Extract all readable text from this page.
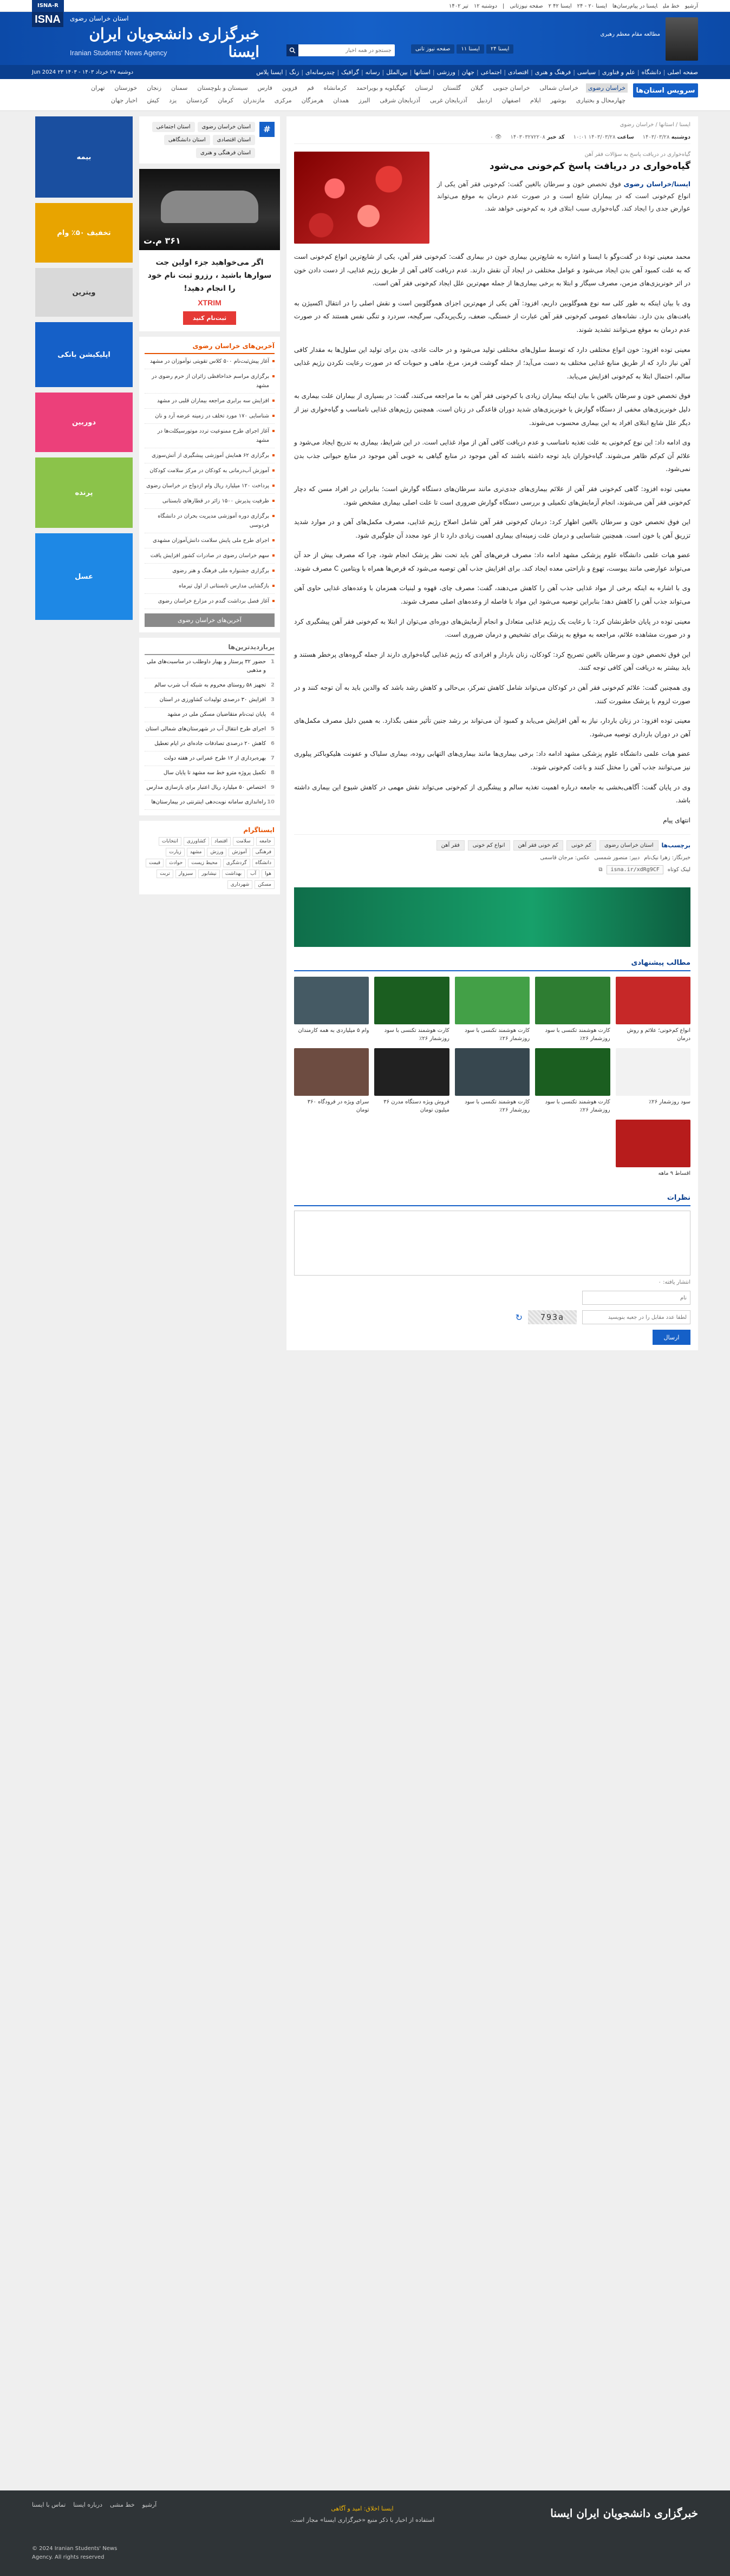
آرشیوخط ملیایسنا در پیام‌رسان‌هاایسنا ۲۰ - ۲۴ایسنا ۴۲ ۲صفحه نیوز‌تانی|دوشنبه ۱۲تیر ۱۴۰۲
ISNA-R
مطالعه مقام معظم رهبری
ایسنا ۲۴
ایسنا ۱۱
صفحه نیوز تانی
جستجو در همه اخبار
ISNA	استان خراسان رضوی
خبرگزاری دانشجویان ایران ایسنا
Iranian Students' News Agency
صفحه اصلی|دانشگاه|علم و فناوری|سیاسی|فرهنگ و هنری|اقتصادی|اجتماعی|جهان|ورزشی|استانها|بین‌الملل|رسانه|گرافیک|چندرسانه‌ای|زنگ|ایسنا پلاس
دوشنبه ۲۷ خرداد ۱۴۰۳ - ۱۴۰۳ ۲۳ Jun 2024
سرویس استان‌ها
خراسان رضوی
خراسان شمالی
خراسان جنوبی
گیلان
گلستان
لرستان
کهگیلویه و بویراحمد
کرمانشاه
قم
قزوین
فارس
سیستان و بلوچستان
سمنان
زنجان
خوزستان
تهران
چهارمحال و بختیاری
بوشهر
ایلام
اصفهان
اردبیل
آذربایجان غربی
آذربایجان شرقی
البرز
همدان
هرمزگان
مرکزی
مازندران
کرمان
کردستان
یزد
کیش
اخبار جهان
ایسنا / استانها / خراسان رضوی
دوشنبه ۱۴۰۳/۰۳/۲۸
ساعت ۱۴۰۳/۰۳/۲۸ ۱۰:۰۱
کد خبر ۱۴۰۳۰۳۲۷۲۲۰۸
👁 ۰
گیاه‌خواری در دریافت پاسخ به سؤالات فقر آهن
گیاه‌خواری در دریافت پاسخ کم‌خونی می‌شود

ایسنا/خراسان رضوی فوق تخصص خون و سرطان بالغین گفت: کم‌خونی فقر آهن یکی از انواع کم‌خونی است که در بیماران شایع است و در صورت عدم درمان به موقع می‌تواند عوارض جدی را ایجاد کند. گیاه‌خواری سبب ابتلای فرد به کم‌خونی خواهد شد.

محمد معینی تودهٔ در گفت‌وگو با ایسنا و اشاره به شایع‌ترین بیماری خون در بیماری گفت: کم‌خونی فقر آهن، یکی از شایع‌ترین انواع کم‌خونی است که به علت کمبود آهن بدن ایجاد می‌شود و عوامل مختلفی در ایجاد آن نقش دارند. عدم دریافت کافی آهن از طریق رژیم غذایی، از دست دادن خون در اثر خونریزی‌های مزمن، مصرف سیگار و ابتلا به برخی بیماری‌ها از جمله مهم‌ترین علل ایجاد کم‌خونی فقر آهن است.

وی با بیان اینکه به طور کلی سه نوع هموگلوبین داریم، افزود: آهن یکی از مهم‌ترین اجزای هموگلوبین است و نقش اصلی را در انتقال اکسیژن به بافت‌های بدن دارد. نشانه‌های عمومی کم‌خونی فقر آهن عبارت از خستگی، ضعف، رنگ‌پریدگی، سرگیجه، سردرد و تنگی نفس هستند که در صورت عدم درمان به موقع می‌توانند تشدید شوند.

معینی توده افزود: خون انواع مختلفی دارد که توسط سلول‌های مختلفی تولید می‌شود و در حالت عادی، بدن برای تولید این سلول‌ها به مقدار کافی آهن نیاز دارد که از طریق منابع غذایی مختلف به دست می‌آید؛ از جمله گوشت قرمز، مرغ، ماهی و حبوبات که در صورت رعایت نکردن رژیم غذایی سالم، احتمال ابتلا به کم‌خونی افزایش می‌یابد.

فوق تخصص خون و سرطان بالغین با بیان اینکه بیماران زیادی با کم‌خونی فقر آهن به ما مراجعه می‌کنند، گفت: در بسیاری از بیماران علت بیماری به دلیل خونریزی‌های مخفی از دستگاه گوارش یا خونریزی‌های شدید دوران قاعدگی در زنان است. همچنین رژیم‌های غذایی نامناسب و گیاه‌خواری نیز از دیگر علل شایع ابتلای افراد به این بیماری محسوب می‌شوند.

وی ادامه داد: این نوع کم‌خونی به علت تغذیه نامناسب و عدم دریافت کافی آهن از مواد غذایی است. در این شرایط، بیماری به تدریج ایجاد می‌شود و علائم آن کم‌کم ظاهر می‌شوند. گیاه‌خواران باید توجه داشته باشند که آهن موجود در منابع گیاهی به خوبی آهن موجود در منابع حیوانی جذب بدن نمی‌شود.

معینی توده افزود: گاهی کم‌خونی فقر آهن از علائم بیماری‌های جدی‌تری مانند سرطان‌های دستگاه گوارش است؛ بنابراین در افراد مسن که دچار کم‌خونی فقر آهن می‌شوند، انجام آزمایش‌های تکمیلی و بررسی دستگاه گوارش ضروری است تا علت اصلی بیماری مشخص شود.

این فوق تخصص خون و سرطان بالغین اظهار کرد: درمان کم‌خونی فقر آهن شامل اصلاح رژیم غذایی، مصرف مکمل‌های آهن و در موارد شدید تزریق آهن یا خون است. همچنین شناسایی و درمان علت زمینه‌ای بیماری اهمیت زیادی دارد تا از عود مجدد آن جلوگیری شود.

عضو هیات علمی دانشگاه علوم پزشکی مشهد ادامه داد: مصرف قرص‌های آهن باید تحت نظر پزشک انجام شود، چرا که مصرف بیش از حد آن می‌تواند عوارضی مانند یبوست، تهوع و ناراحتی معده ایجاد کند. برای افزایش جذب آهن توصیه می‌شود که قرص‌ها همراه با ویتامین C مصرف شوند.

وی با اشاره به اینکه برخی از مواد غذایی جذب آهن را کاهش می‌دهند، گفت: مصرف چای، قهوه و لبنیات همزمان با وعده‌های غذایی حاوی آهن می‌تواند جذب آهن را کاهش دهد؛ بنابراین توصیه می‌شود این مواد با فاصله از وعده‌های اصلی مصرف شوند.

معینی توده در پایان خاطرنشان کرد: با رعایت یک رژیم غذایی متعادل و انجام آزمایش‌های دوره‌ای می‌توان از ابتلا به کم‌خونی فقر آهن پیشگیری کرد و در صورت مشاهده علائم، مراجعه به موقع به پزشک برای تشخیص و درمان ضروری است.

این فوق تخصص خون و سرطان بالغین تصریح کرد: کودکان، زنان باردار و افرادی که رژیم غذایی گیاه‌خواری دارند از جمله گروه‌های پرخطر هستند و باید بیشتر به دریافت آهن کافی توجه کنند.

وی همچنین گفت: علائم کم‌خونی فقر آهن در کودکان می‌تواند شامل کاهش تمرکز، بی‌حالی و کاهش رشد باشد که والدین باید به آن توجه کنند و در صورت لزوم با پزشک مشورت کنند.

معینی توده افزود: در زنان باردار، نیاز به آهن افزایش می‌یابد و کمبود آن می‌تواند بر رشد جنین تأثیر منفی بگذارد. به همین دلیل مصرف مکمل‌های آهن در دوران بارداری توصیه می‌شود.

عضو هیات علمی دانشگاه علوم پزشکی مشهد ادامه داد: برخی بیماری‌ها مانند بیماری‌های التهابی روده، بیماری سلیاک و عفونت هلیکوباکتر پیلوری نیز می‌توانند جذب آهن را مختل کنند و باعث کم‌خونی شوند.

وی در پایان گفت: آگاهی‌بخشی به جامعه درباره اهمیت تغذیه سالم و پیشگیری از کم‌خونی می‌تواند نقش مهمی در کاهش شیوع این بیماری داشته باشد.

انتهای پیام

برچسب‌ها
استان خراسان رضوی
کم خونی
کم خونی فقر آهن
انواع کم خونی
فقر آهن
خبرنگار: زهرا نیک‌نام
دبیر: منصور شمسی
عکس: مرجان قاسمی
لینک کوتاه
isna.ir/xdRg9CF
⧉
مطالب پیشنهادی
انواع کم‌خونی؛ علائم و روش درمان
کارت هوشمند تکنسی با سود روزشمار ۲۶٪
کارت هوشمند تکنسی با سود روزشمار ۲۶٪
کارت هوشمند تکنسی با سود روزشمار ۲۶٪
وام ۵ میلیاردی به همه کارمندان
سود روزشمار ۲۶٪
کارت هوشمند تکنسی با سود روزشمار ۲۶٪
کارت هوشمند تکنسی با سود روزشمار ۲۶٪
فروش ویژه دستگاه مدرن ۳۶ میلیون تومان
سرای ویژه در فرودگاه ۳۶۰ تومان
اقساط ۹ ماهه
نظرات
انتشار یافته: ۰
نام
لطفا عدد مقابل را در جعبه بنویسید
793a
↻
ارسال
#
استان خراسان رضوی
استان اجتماعی
استان اقتصادی
استان دانشگاهی
استان فرهنگی و هنری
۳۶۱ م.ت
اگر می‌خواهید جزء اولین جت سوارها باشید ، رزرو ثبت نام خود را انجام دهید!
XTRIM
ثبت‌نام کنید
آخرین‌های خراسان رضوی
آغاز پیش‌ثبت‌نام ۵۰۰ کلاس تقویتی نوآموزان در مشهد
برگزاری مراسم خداحافظی زائران از حرم رضوی در مشهد
افزایش سه برابری مراجعه بیماران قلبی در مشهد
شناسایی ۱۷۰ مورد تخلف در زمینه عرضه آرد و نان
آغاز اجرای طرح ممنوعیت تردد موتورسیکلت‌ها در مشهد
برگزاری ۶۲ همایش آموزشی پیشگیری از آتش‌سوزی
آموزش آب‌درمانی به کودکان در مرکز سلامت کودکان
پرداخت ۱۲۰ میلیارد ریال وام ازدواج در خراسان رضوی
ظرفیت پذیرش ۱۵۰۰ زائر در قطارهای تابستانی
برگزاری دوره آموزشی مدیریت بحران در دانشگاه فردوسی
اجرای طرح ملی پایش سلامت دانش‌آموزان مشهدی
سهم خراسان رضوی در صادرات کشور افزایش یافت
برگزاری جشنواره ملی فرهنگ و هنر رضوی
بازگشایی مدارس تابستانی از اول تیرماه
آغاز فصل برداشت گندم در مزارع خراسان رضوی
آخرین‌های خراسان رضوی
پربازدیدترین‌ها
حضور ۳۲ پرستار و بهیار داوطلب در مناسبت‌های ملی و مذهبی
تجهیز ۵۸ روستای محروم به شبکه آب شرب سالم
افزایش ۳۰ درصدی تولیدات کشاورزی در استان
پایان ثبت‌نام متقاضیان مسکن ملی در مشهد
اجرای طرح انتقال آب در شهرستان‌های شمالی استان
کاهش ۲۰ درصدی تصادفات جاده‌ای در ایام تعطیل
بهره‌برداری از ۱۲ طرح عمرانی در هفته دولت
تکمیل پروژه مترو خط سه مشهد تا پایان سال
اختصاص ۵۰ میلیارد ریال اعتبار برای بازسازی مدارس
راه‌اندازی سامانه نوبت‌دهی اینترنتی در بیمارستان‌ها
ایسناگرام
جامعه
سلامت
اقتصاد
کشاورزی
انتخابات
فرهنگی
آموزش
ورزش
مشهد
زیارت
دانشگاه
گردشگری
محیط زیست
حوادث
قیمت
هوا
آب
بهداشت
نیشابور
سبزوار
تربت
مسکن
شهرداری
بیمه
تخفیف ۵۰٪ وام
ویترین
اپلیکیشن بانکی
دوربین
پرنده
عسل
خبرگزاری دانشجویان ایران ایسنا
ایسنا اخلاق: امید و آگاهی
استفاده از اخبار با ذکر منبع «خبرگزاری ایسنا» مجاز است.
آرشیو
خط مشی
درباره ایسنا
تماس با ایسنا
© 2024 Iranian Students' News Agency. All rights reserved
